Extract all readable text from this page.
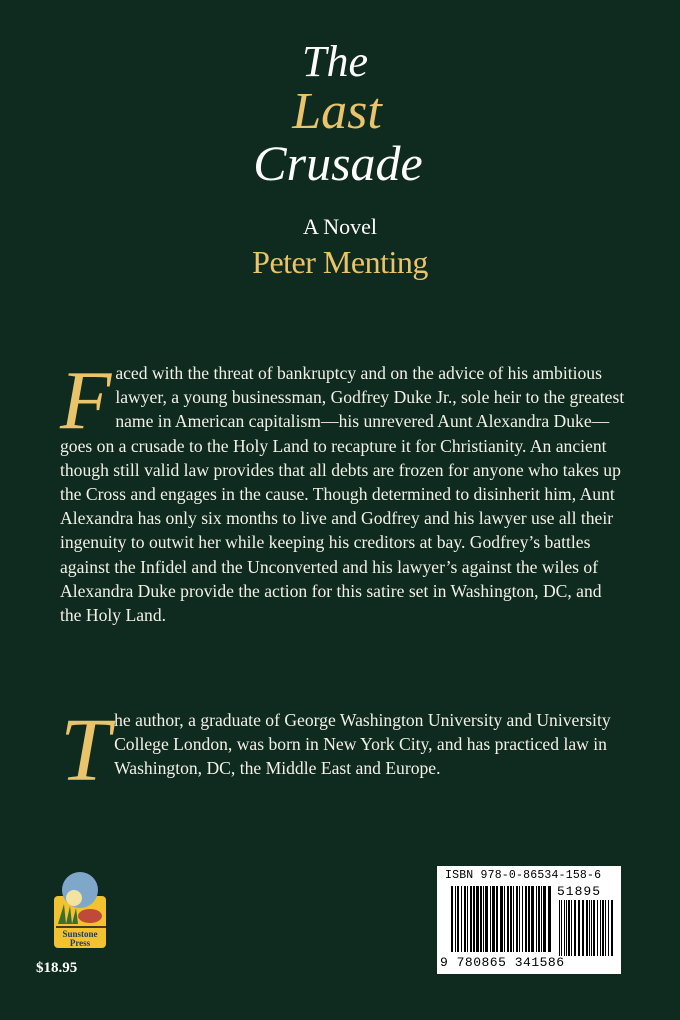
The
Last
Crusade
A Novel
Peter Menting
F aced with the threat of bankruptcy and on the advice of his ambitious lawyer, a young businessman, Godfrey Duke Jr., sole heir to the greatest name in American capitalism—his unrevered Aunt Alexandra Duke—goes on a crusade to the Holy Land to recapture it for Christianity. An ancient though still valid law provides that all debts are frozen for anyone who takes up the Cross and engages in the cause. Though determined to disinherit him, Aunt Alexandra has only six months to live and Godfrey and his lawyer use all their ingenuity to outwit her while keeping his creditors at bay. Godfrey’s battles against the Infidel and the Unconverted and his lawyer’s against the wiles of Alexandra Duke provide the action for this satire set in Washington, DC, and the Holy Land.
T he author, a graduate of George Washington University and University College London, was born in New York City, and has practiced law in Washington, DC, the Middle East and Europe.
Sunstone
Press
$18.95
ISBN 978-0-86534-158-6
51895
9 780865 341586
